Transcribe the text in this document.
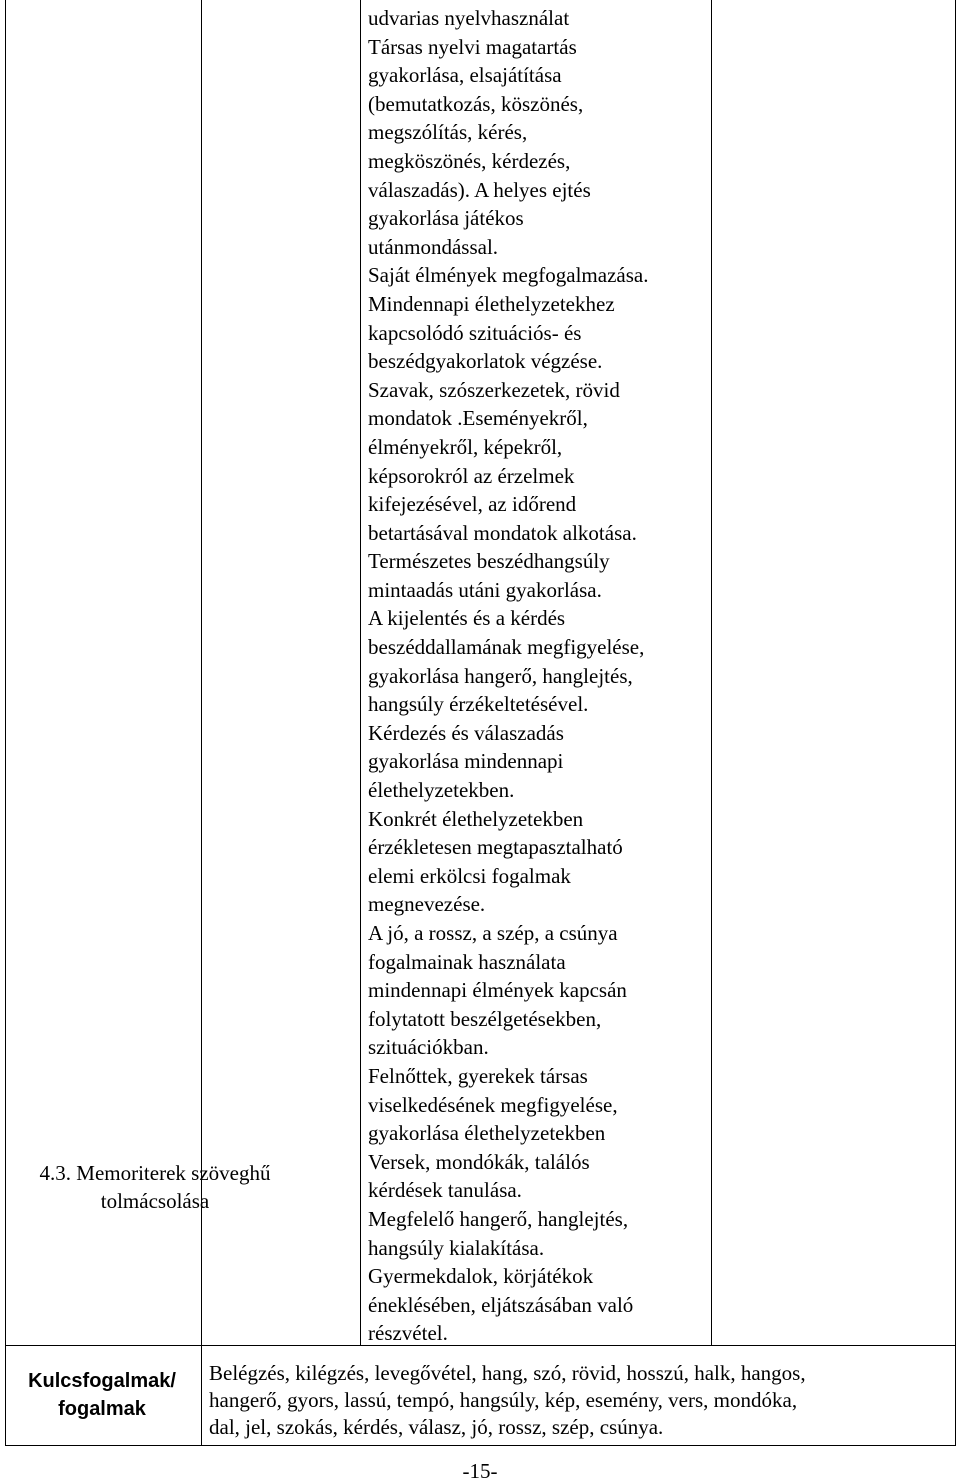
udvarias nyelvhasználat
Társas nyelvi magatartás
gyakorlása, elsajátítása
(bemutatkozás, köszönés,
megszólítás, kérés,
megköszönés, kérdezés,
válaszadás). A helyes ejtés
gyakorlása játékos
utánmondással.
Saját élmények megfogalmazása.
Mindennapi élethelyzetekhez
kapcsolódó szituációs- és
beszédgyakorlatok végzése.
Szavak, szószerkezetek, rövid
mondatok .Eseményekről,
élményekről, képekről,
képsorokról az érzelmek
kifejezésével, az időrend
betartásával mondatok alkotása.
Természetes beszédhangsúly
mintaadás utáni gyakorlása.
A kijelentés és a kérdés
beszéddallamának megfigyelése,
gyakorlása hangerő, hanglejtés,
hangsúly érzékeltetésével.
Kérdezés és válaszadás
gyakorlása mindennapi
élethelyzetekben.
Konkrét élethelyzetekben
érzékletesen megtapasztalható
elemi erkölcsi fogalmak
megnevezése.
A jó, a rossz, a szép, a csúnya
fogalmainak használata
mindennapi élmények kapcsán
folytatott beszélgetésekben,
szituációkban.
Felnőttek, gyerekek társas
viselkedésének megfigyelése,
gyakorlása élethelyzetekben
Versek, mondókák, találós
kérdések tanulása.
Megfelelő hangerő, hanglejtés,
hangsúly kialakítása.
Gyermekdalok, körjátékok
éneklésében, eljátszásában való
részvétel.
4.3. Memoriterek szöveghű
tolmácsolása
Kulcsfogalmak/
fogalmak
Belégzés, kilégzés, levegővétel, hang, szó, rövid, hosszú, halk, hangos,
hangerő, gyors, lassú, tempó, hangsúly, kép, esemény, vers, mondóka,
dal, jel, szokás, kérdés, válasz, jó, rossz, szép, csúnya.
-15-
